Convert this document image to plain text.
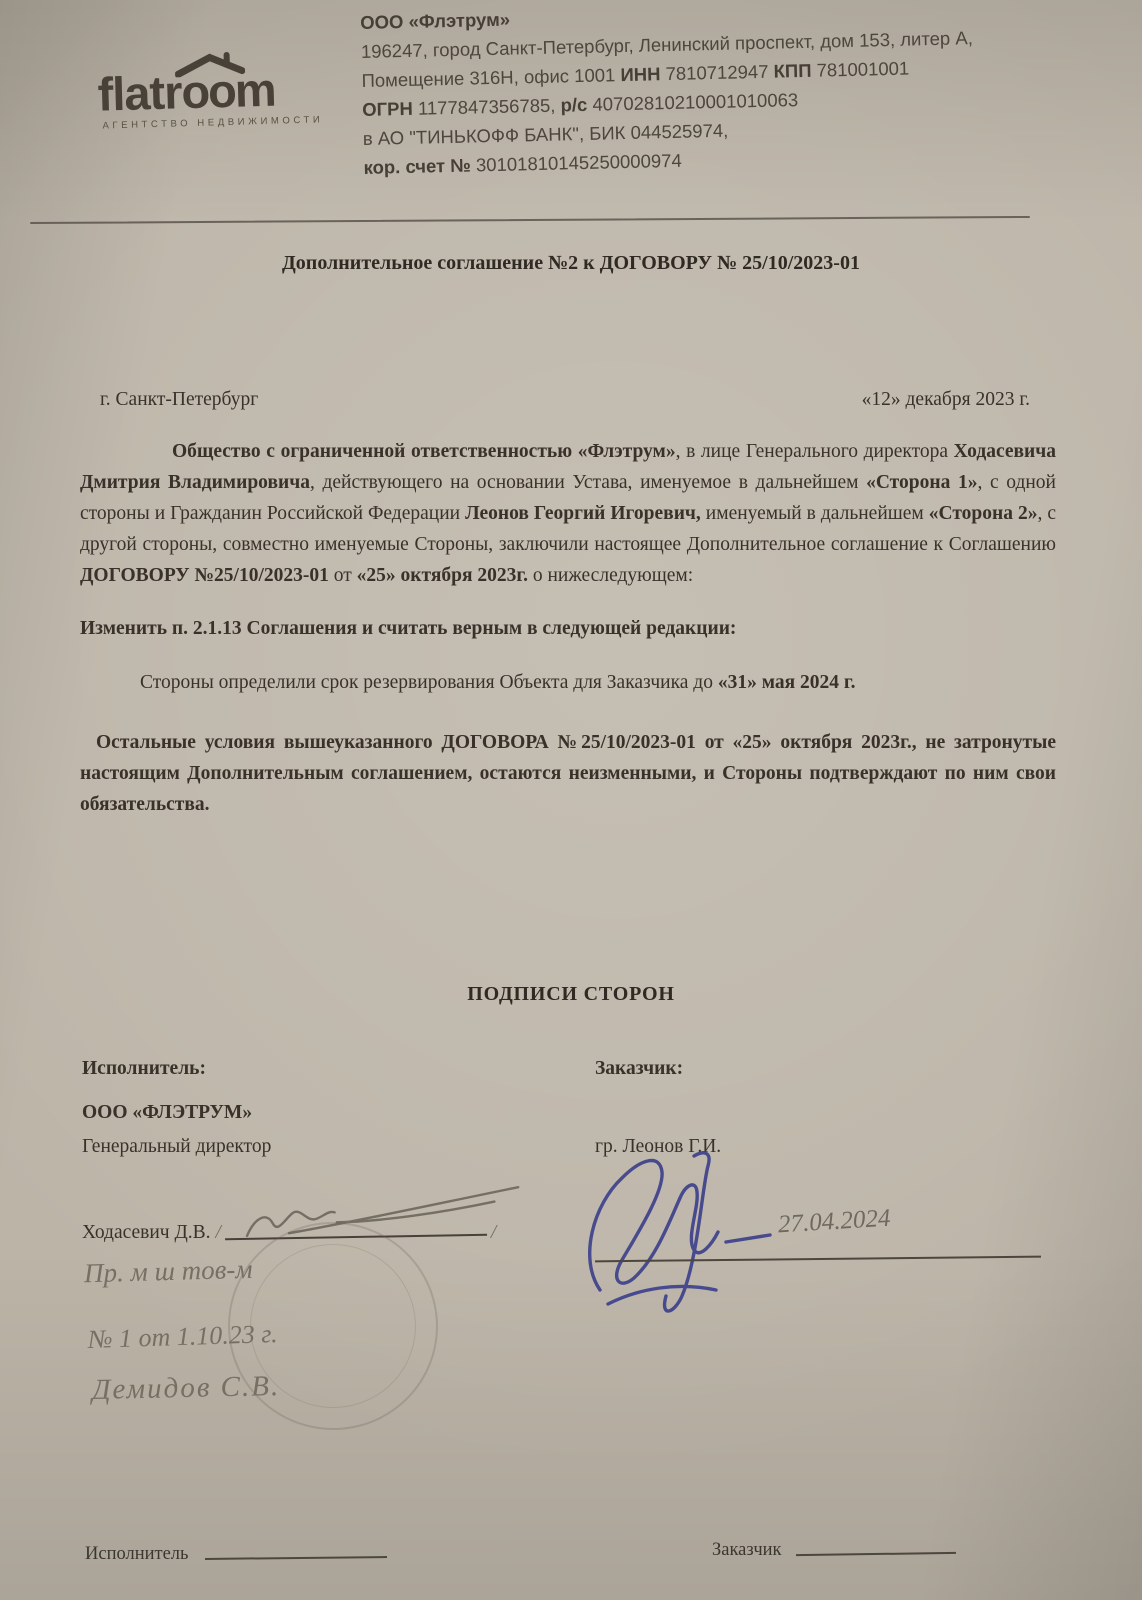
flatr
oom
АГЕНТСТВО НЕДВИЖИМОСТИ
ООО «Флэтрум»
196247, город Санкт-Петербург, Ленинский проспект, дом 153, литер А,
Помещение 316Н, офис 1001 ИНН 7810712947 КПП 781001001
ОГРН 1177847356785, р/с 40702810210001010063
в АО "ТИНЬКОФФ БАНК", БИК 044525974,
кор. счет № 30101810145250000974
Дополнительное соглашение №2 к ДОГОВОРУ № 25/10/2023-01
г. Санкт-Петербург	«12» декабря 2023 г.

Общество с ограниченной ответственностью «Флэтрум», в лице Генерального директора Ходасевича Дмитрия Владимировича, действующего на основании Устава, именуемое в дальнейшем «Сторона 1», с одной стороны и Гражданин Российской Федерации Леонов Георгий Игоревич, именуемый в дальнейшем «Сторона 2», с другой стороны, совместно именуемые Стороны, заключили настоящее Дополнительное соглашение к Соглашению ДОГОВОРУ №25/10/2023-01 от «25» октября 2023г. о нижеследующем:

Изменить п. 2.1.13 Соглашения и считать верным в следующей редакции:

Стороны определили срок резервирования Объекта для Заказчика до «31» мая 2024 г.

Остальные условия вышеуказанного ДОГОВОРА №25/10/2023-01 от «25» октября 2023г., не затронутые настоящим Дополнительным соглашением, остаются неизменными, и Стороны подтверждают по ним свои обязательства.

ПОДПИСИ СТОРОН
Исполнитель:	Заказчик:
ООО «ФЛЭТРУМ»
Генеральный директор	гр. Леонов Г.И.
Ходасевич Д.В. /	/	27.04.2024
Пр. м ш тов-м
№ 1 от 1.10.23 г.
Демидов С.В.
Исполнитель	Заказчик
